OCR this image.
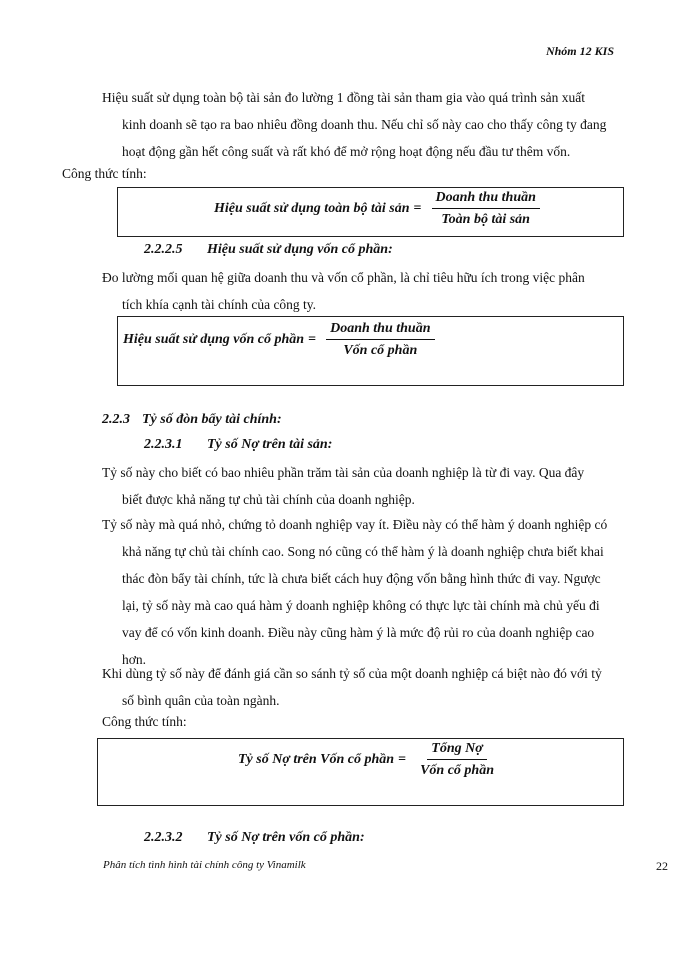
Nhóm 12 KIS
Hiệu suất sử dụng toàn bộ tài sản đo lường 1 đồng tài sản tham gia vào quá trình sản xuất
kinh doanh sẽ tạo ra bao nhiêu đồng doanh thu. Nếu chỉ số này cao cho thấy công ty đang
hoạt động gần hết công suất và rất khó để mở rộng hoạt động nếu đầu tư thêm vốn.
Công thức tính:
Hiệu suất sử dụng toàn bộ tài sản = $\frac{\text{Doanh thu thuần}}{\text{Toàn bộ tài sản}}$
2.2.2.5 Hiệu suất sử dụng vốn cổ phần:
Đo lường mối quan hệ giữa doanh thu và vốn cổ phần, là chỉ tiêu hữu ích trong việc phân
tích khía cạnh tài chính của công ty.
Hiệu suất sử dụng vốn cổ phần = $\frac{\text{Doanh thu thuần}}{\text{Vốn cổ phần}}$
2.2.3 Tỷ số đòn bẩy tài chính:
2.2.3.1 Tỷ số Nợ trên tài sản:
Tỷ số này cho biết có bao nhiêu phần trăm tài sản của doanh nghiệp là từ đi vay. Qua đây
biết được khả năng tự chủ tài chính của doanh nghiệp.
Tỷ số này mà quá nhỏ, chứng tỏ doanh nghiệp vay ít. Điều này có thể hàm ý doanh nghiệp có
khả năng tự chủ tài chính cao. Song nó cũng có thể hàm ý là doanh nghiệp chưa biết khai
thác đòn bẩy tài chính, tức là chưa biết cách huy động vốn bằng hình thức đi vay. Ngược
lại, tỷ số này mà cao quá hàm ý doanh nghiệp không có thực lực tài chính mà chủ yếu đi
vay để có vốn kinh doanh. Điều này cũng hàm ý là mức độ rủi ro của doanh nghiệp cao
hơn.
Khi dùng tỷ số này để đánh giá cần so sánh tỷ số của một doanh nghiệp cá biệt nào đó với tỷ
số bình quân của toàn ngành.
Công thức tính:
Tỷ số Nợ trên Vốn cổ phần = $\frac{\text{Tổng Nợ}}{\text{Vốn cổ phần}}$
2.2.3.2 Tỷ số Nợ trên vốn cổ phần:
Phân tích tình hình tài chính công ty Vinamilk	22
